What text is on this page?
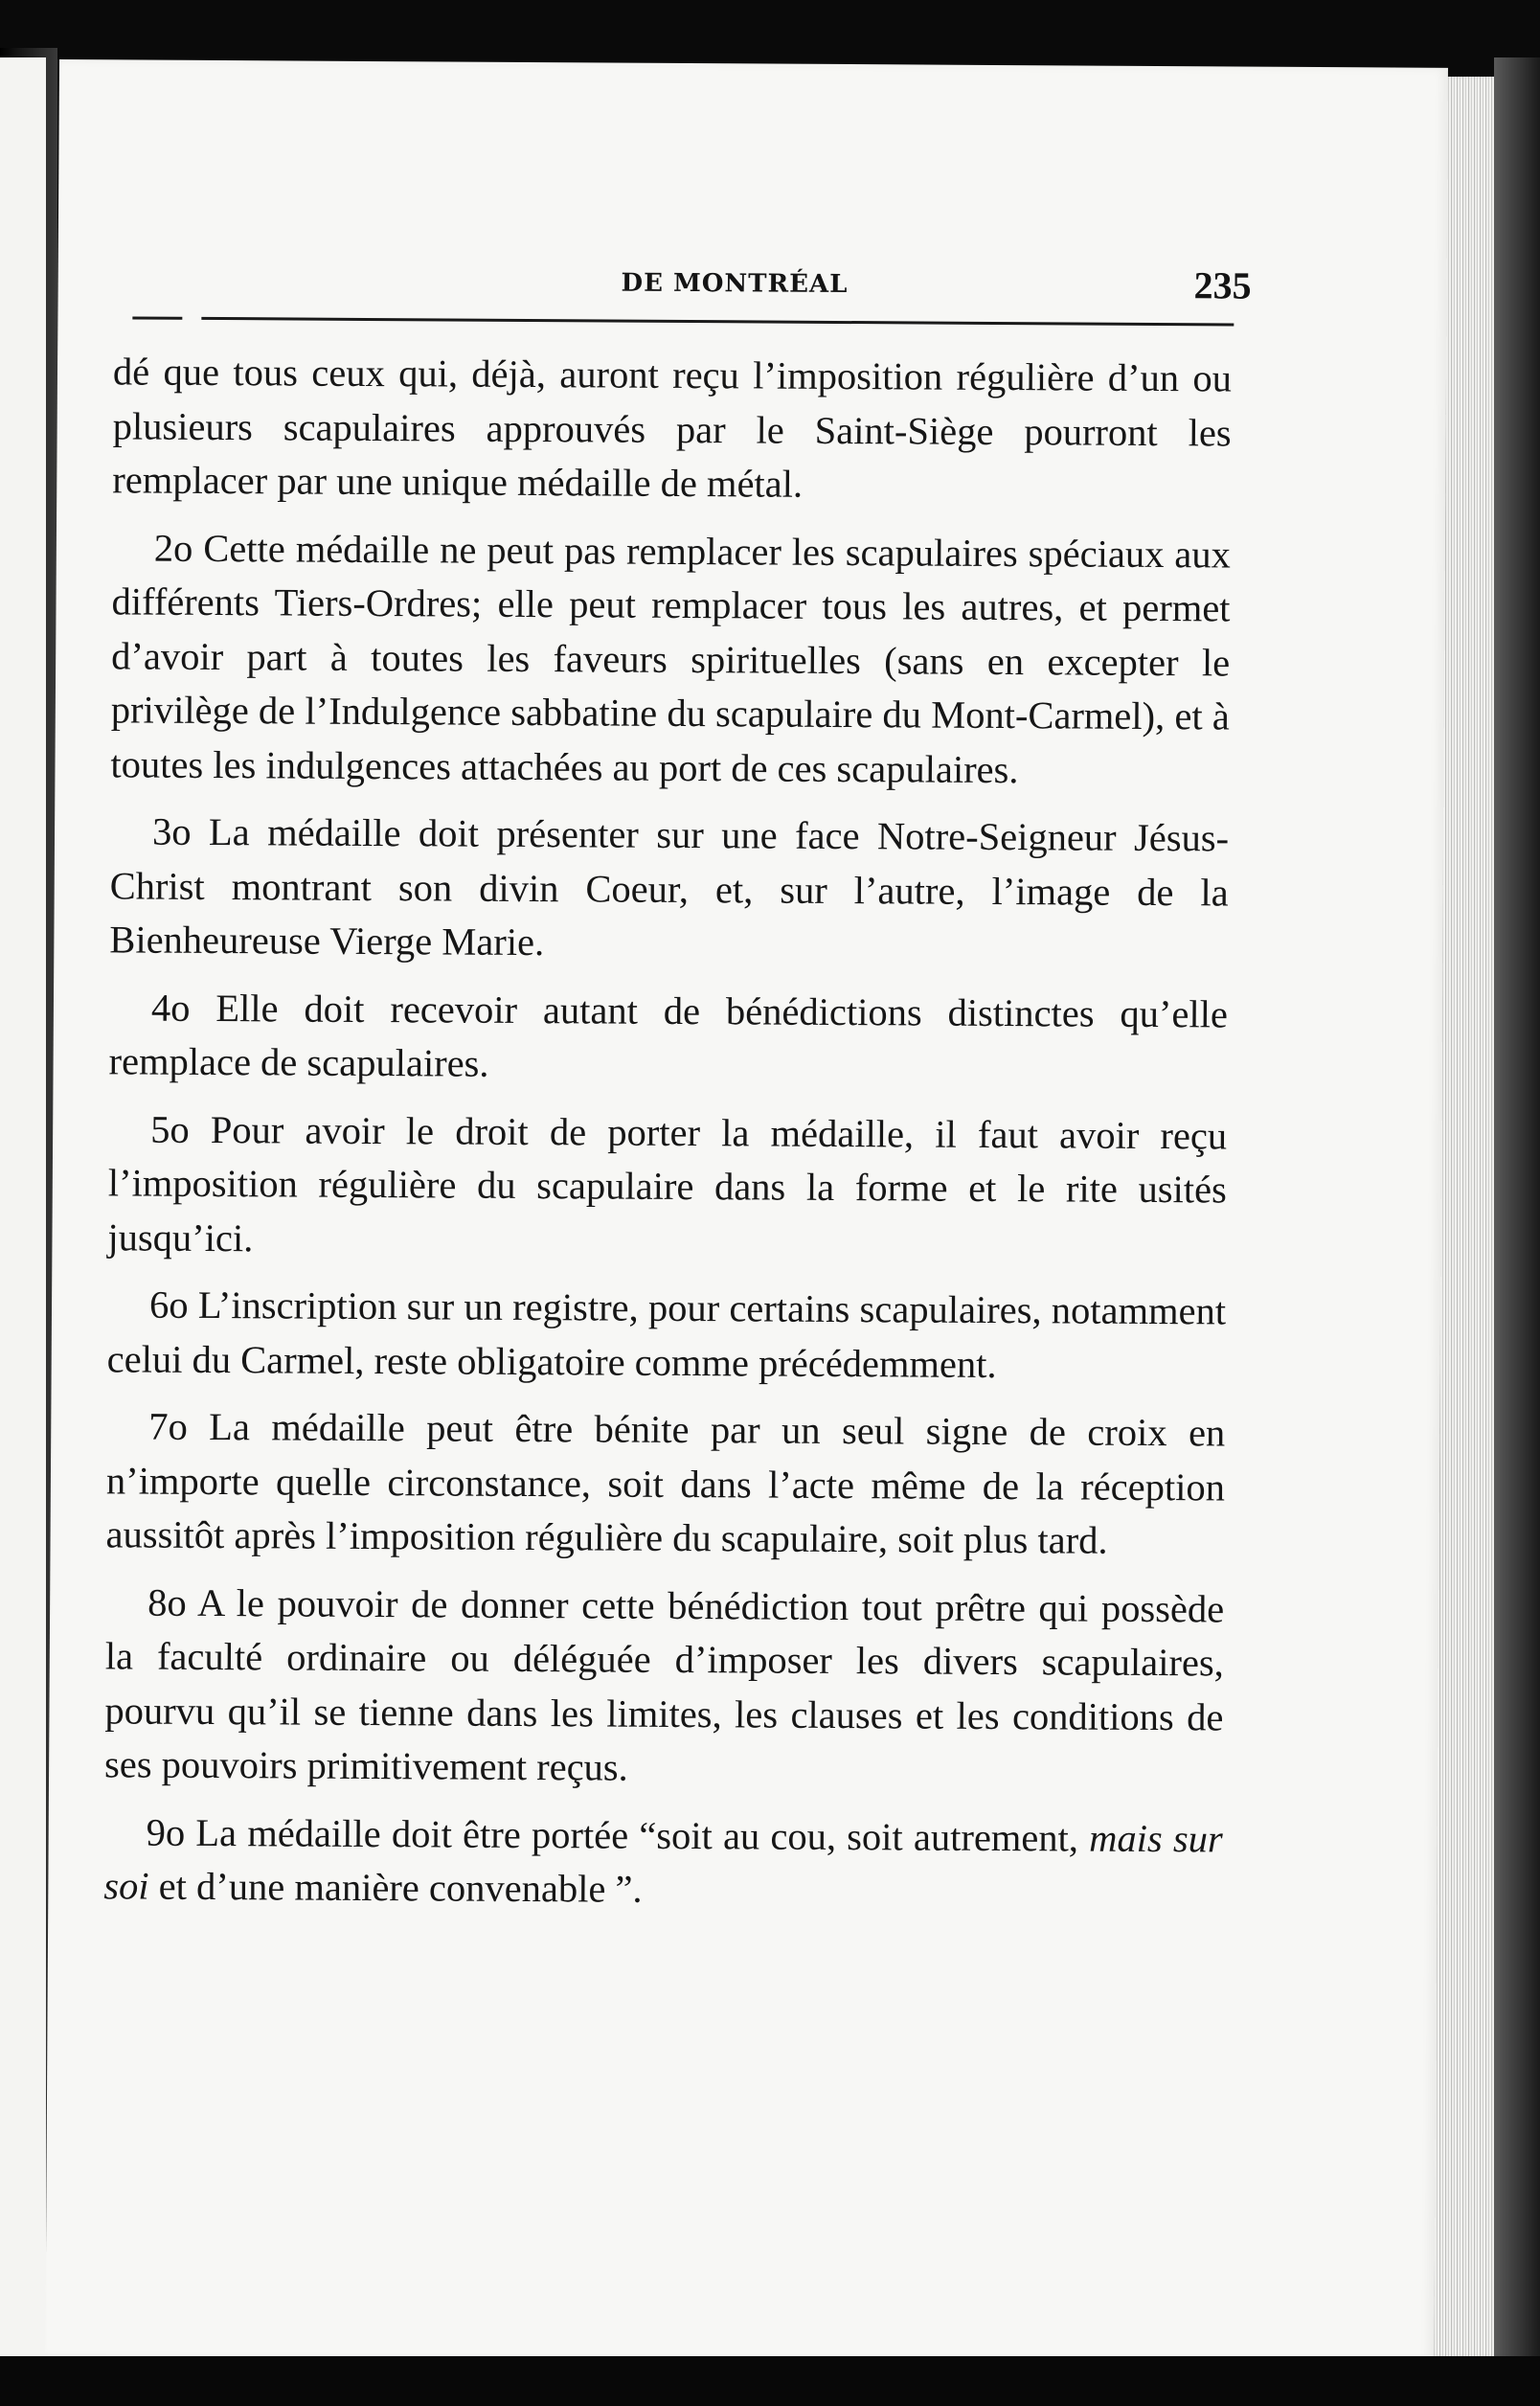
DE MONTRÉAL	235

dé que tous ceux qui, déjà, auront reçu l’imposition régulière d’un ou plusieurs scapulaires approuvés par le Saint-Siège pourront les remplacer par une unique médaille de métal.

2o Cette médaille ne peut pas remplacer les scapulaires spéciaux aux différents Tiers-Ordres; elle peut remplacer tous les autres, et permet d’avoir part à toutes les faveurs spirituelles (sans en excepter le privilège de l’Indulgence sabbatine du scapulaire du Mont-Carmel), et à toutes les indulgences attachées au port de ces scapulaires.

3o La médaille doit présenter sur une face Notre-Seigneur Jésus-Christ montrant son divin Coeur, et, sur l’autre, l’image de la Bienheureuse Vierge Marie.

4o Elle doit recevoir autant de bénédictions distinctes qu’elle remplace de scapulaires.

5o Pour avoir le droit de porter la médaille, il faut avoir reçu l’imposition régulière du scapulaire dans la forme et le rite usités jusqu’ici.

6o L’inscription sur un registre, pour certains scapulaires, notamment celui du Carmel, reste obligatoire comme précédemment.

7o La médaille peut être bénite par un seul signe de croix en n’importe quelle circonstance, soit dans l’acte même de la réception aussitôt après l’imposition régulière du scapulaire, soit plus tard.

8o A le pouvoir de donner cette bénédiction tout prêtre qui possède la faculté ordinaire ou déléguée d’imposer les divers scapulaires, pourvu qu’il se tienne dans les limites, les clauses et les conditions de ses pouvoirs primitivement reçus.

9o La médaille doit être portée “soit au cou, soit autrement, mais sur soi et d’une manière convenable ”.
